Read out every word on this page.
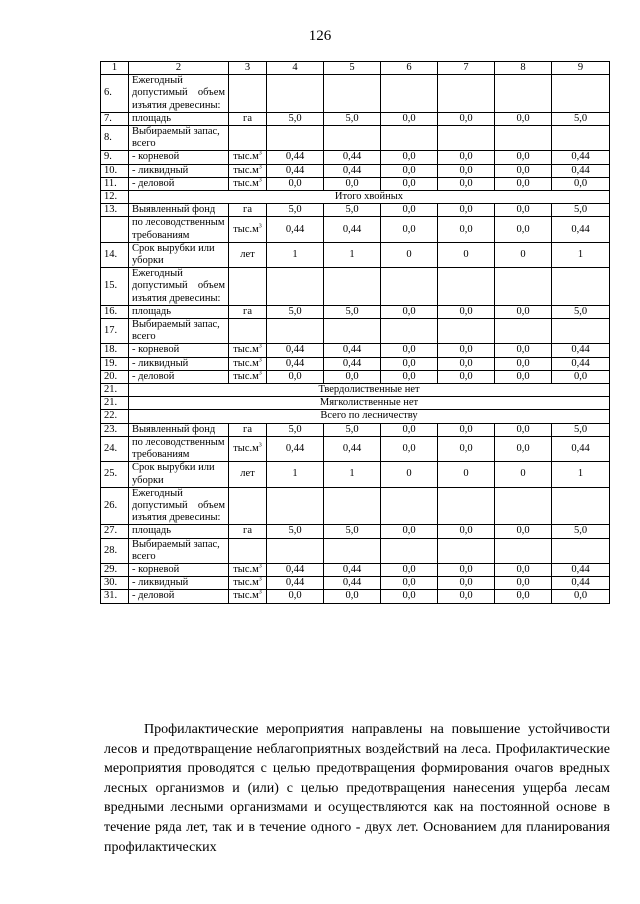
126
1	2	3	4	5	6	7	8	9
6.	Ежегодный допустимый объем изъятия древесины:							
7.	площадь	га	5,0	5,0	0,0	0,0	0,0	5,0
8.	Выбираемый запас, всего							
9.	- корневой	$тыс.м^3$	0,44	0,44	0,0	0,0	0,0	0,44
10.	- ликвидный	$тыс.м^3$	0,44	0,44	0,0	0,0	0,0	0,44
11.	- деловой	$тыс.м^3$	0,0	0,0	0,0	0,0	0,0	0,0
12.	Итого хвойных							
13.	Выявленный фонд	га	5,0	5,0	0,0	0,0	0,0	5,0
	по лесоводственным требованиям	$тыс.м^3$	0,44	0,44	0,0	0,0	0,0	0,44
14.	Срок вырубки или уборки	лет	1	1	0	0	0	1
15.	Ежегодный допустимый объем изъятия древесины:							
16.	площадь	га	5,0	5,0	0,0	0,0	0,0	5,0
17.	Выбираемый запас, всего							
18.	- корневой	$тыс.м^3$	0,44	0,44	0,0	0,0	0,0	0,44
19.	- ликвидный	$тыс.м^3$	0,44	0,44	0,0	0,0	0,0	0,44
20.	- деловой	$тыс.м^3$	0,0	0,0	0,0	0,0	0,0	0,0
21.	Твердолиственные нет							
21.	Мягколиственные нет							
22.	Всего по лесничеству							
23.	Выявленный фонд	га	5,0	5,0	0,0	0,0	0,0	5,0
24.	по лесоводственным требованиям	$тыс.м^3$	0,44	0,44	0,0	0,0	0,0	0,44
25.	Срок вырубки или уборки	лет	1	1	0	0	0	1
26.	Ежегодный допустимый объем изъятия древесины:							
27.	площадь	га	5,0	5,0	0,0	0,0	0,0	5,0
28.	Выбираемый запас, всего							
29.	- корневой	$тыс.м^3$	0,44	0,44	0,0	0,0	0,0	0,44
30.	- ликвидный	$тыс.м^3$	0,44	0,44	0,0	0,0	0,0	0,44
31.	- деловой	$тыс.м^3$	0,0	0,0	0,0	0,0	0,0	0,0
Профилактические мероприятия направлены на повышение устойчивости лесов и предотвращение неблагоприятных воздействий на леса. Профилактические мероприятия проводятся с целью предотвращения формирования очагов вредных лесных организмов и (или) с целью предотвращения нанесения ущерба лесам вредными лесными организмами и осуществляются как на постоянной основе в течение ряда лет, так и в течение одного - двух лет. Основанием для планирования профилактических
